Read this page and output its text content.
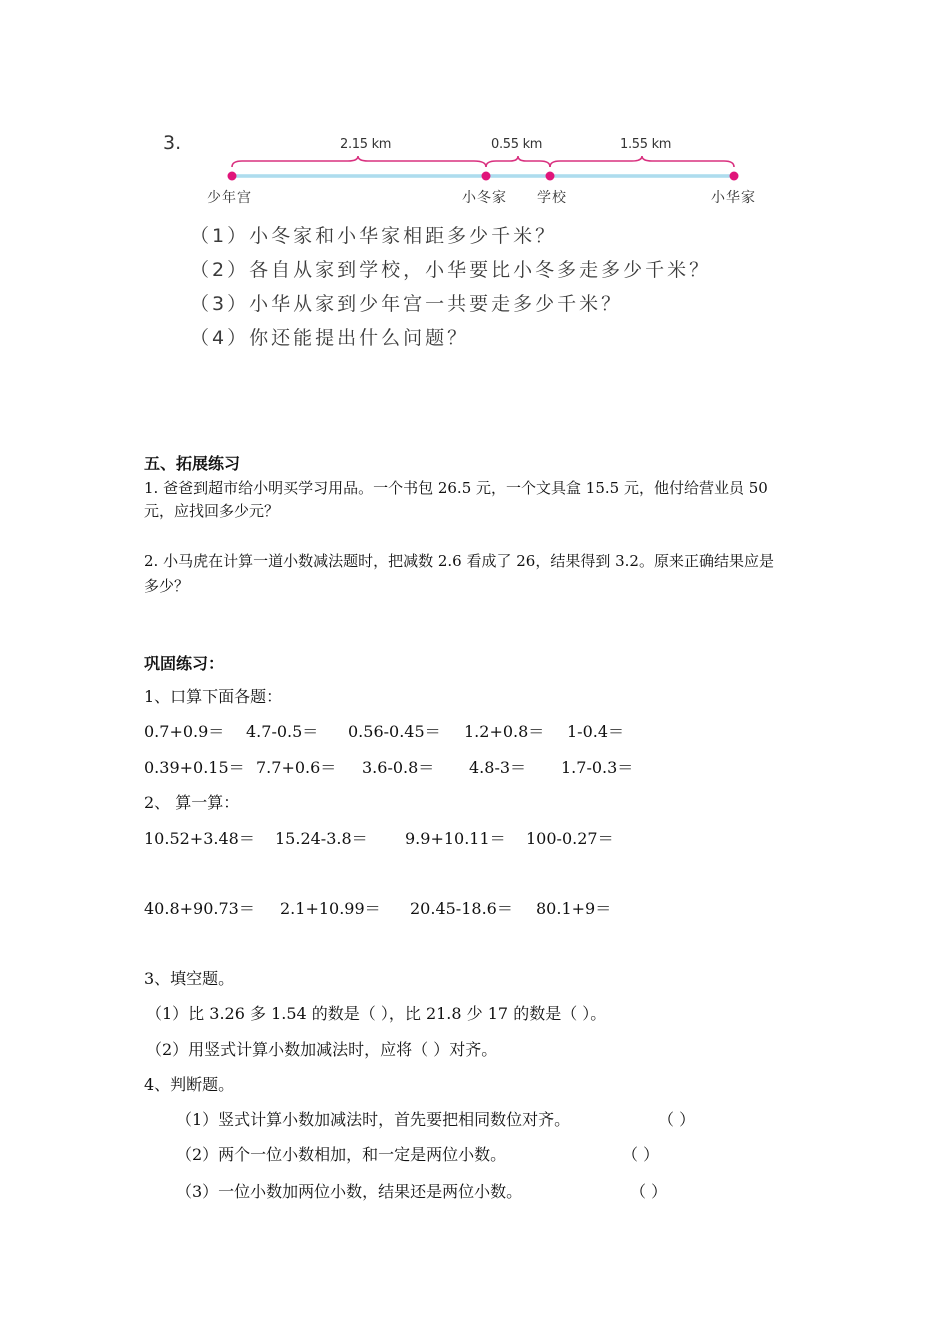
3.	2.15 km	0.55 km	1.55 km
少年宫	小冬家 学校	小华家
（1）小冬家和小华家相距多少千米？
（2）各自从家到学校，小华要比小冬多走多少千米？
（3）小华从家到少年宫一共要走多少千米？
（4）你还能提出什么问题？
五、拓展练习
1. 爸爸到超市给小明买学习用品。一个书包 26.5 元，一个文具盒 15.5 元，他付给营业员 50
元，应找回多少元？
2. 小马虎在计算一道小数减法题时，把减数 2.6 看成了 26，结果得到 3.2。原来正确结果应是
多少？
巩固练习：
1、口算下面各题：
0.7+0.9＝ 4.7-0.5＝ 0.56-0.45＝ 1.2+0.8＝ 1-0.4＝
0.39+0.15＝ 7.7+0.6＝ 3.6-0.8＝ 4.8-3＝ 1.7-0.3＝
2、 算一算：
10.52+3.48＝ 15.24-3.8＝ 9.9+10.11＝ 100-0.27＝
40.8+90.73＝ 2.1+10.99＝ 20.45-18.6＝ 80.1+9＝
3、填空题。
（1）比 3.26 多 1.54 的数是（ ），比 21.8 少 17 的数是（ ）。
（2）用竖式计算小数加减法时，应将（ ）对齐。
4、判断题。
（1）竖式计算小数加减法时，首先要把相同数位对齐。	（ ）
（2）两个一位小数相加，和一定是两位小数。	（ ）
（3）一位小数加两位小数，结果还是两位小数。	（ ）
